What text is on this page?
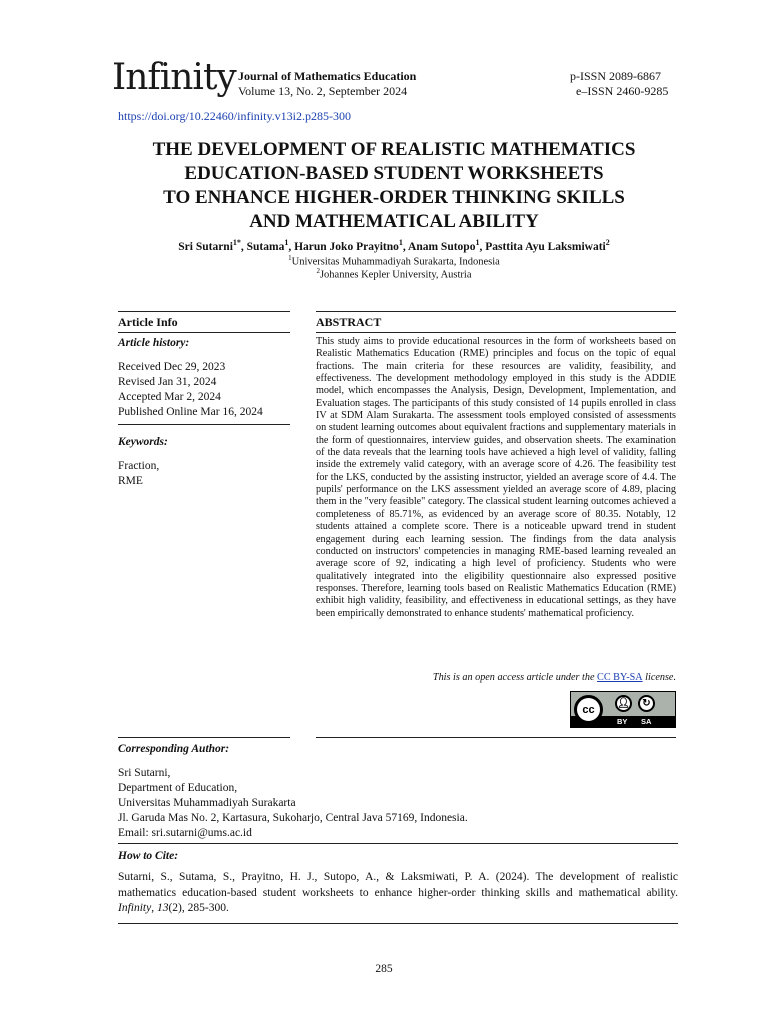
Infinity Journal of Mathematics Education
Volume 13, No. 2, September 2024
p-ISSN 2089-6867
e–ISSN 2460-9285
https://doi.org/10.22460/infinity.v13i2.p285-300
THE DEVELOPMENT OF REALISTIC MATHEMATICS
EDUCATION-BASED STUDENT WORKSHEETS
TO ENHANCE HIGHER-ORDER THINKING SKILLS
AND MATHEMATICAL ABILITY
Sri Sutarni$^{1*}$, Sutama$^1$, Harun Joko Prayitno$^1$, Anam Sutopo$^1$, Pasttita Ayu Laksmiwati$^2$
$^1$Universitas Muhammadiyah Surakarta, Indonesia
$^2$Johannes Kepler University, Austria
Article Info
Article history:
Received Dec 29, 2023
Revised Jan 31, 2024
Accepted Mar 2, 2024
Published Online Mar 16, 2024
Keywords:
Fraction,
RME
ABSTRACT
This study aims to provide educational resources in the form of worksheets based on Realistic Mathematics Education (RME) principles and focus on the topic of equal fractions. The main criteria for these resources are validity, feasibility, and effectiveness. The development methodology employed in this study is the ADDIE model, which encompasses the Analysis, Design, Development, Implementation, and Evaluation stages. The participants of this study consisted of 14 pupils enrolled in class IV at SDM Alam Surakarta. The assessment tools employed consisted of assessments on student learning outcomes about equivalent fractions and supplementary materials in the form of questionnaires, interview guides, and observation sheets. The examination of the data reveals that the learning tools have achieved a high level of validity, falling inside the extremely valid category, with an average score of 4.26. The feasibility test for the LKS, conducted by the assisting instructor, yielded an average score of 4.4. The pupils' performance on the LKS assessment yielded an average score of 4.89, placing them in the "very feasible" category. The classical student learning outcomes achieved a completeness of 85.71%, as evidenced by an average score of 80.35. Notably, 12 students attained a complete score. There is a noticeable upward trend in student engagement during each learning session. The findings from the data analysis conducted on instructors' competencies in managing RME-based learning revealed an average score of 92, indicating a high level of proficiency. Students who were qualitatively integrated into the eligibility questionnaire also expressed positive responses. Therefore, learning tools based on Realistic Mathematics Education (RME) exhibit high validity, feasibility, and effectiveness in educational settings, as they have been empirically demonstrated to enhance students' mathematical proficiency.
This is an open access article under the CC BY-SA license.
cc	👤︎	↻
BY SA
Corresponding Author:
Sri Sutarni,
Department of Education,
Universitas Muhammadiyah Surakarta
Jl. Garuda Mas No. 2, Kartasura, Sukoharjo, Central Java 57169, Indonesia.
Email: sri.sutarni@ums.ac.id
How to Cite:
Sutarni, S., Sutama, S., Prayitno, H. J., Sutopo, A., & Laksmiwati, P. A. (2024). The development of realistic mathematics education-based student worksheets to enhance higher-order thinking skills and mathematical ability. Infinity, 13(2), 285-300.
285
